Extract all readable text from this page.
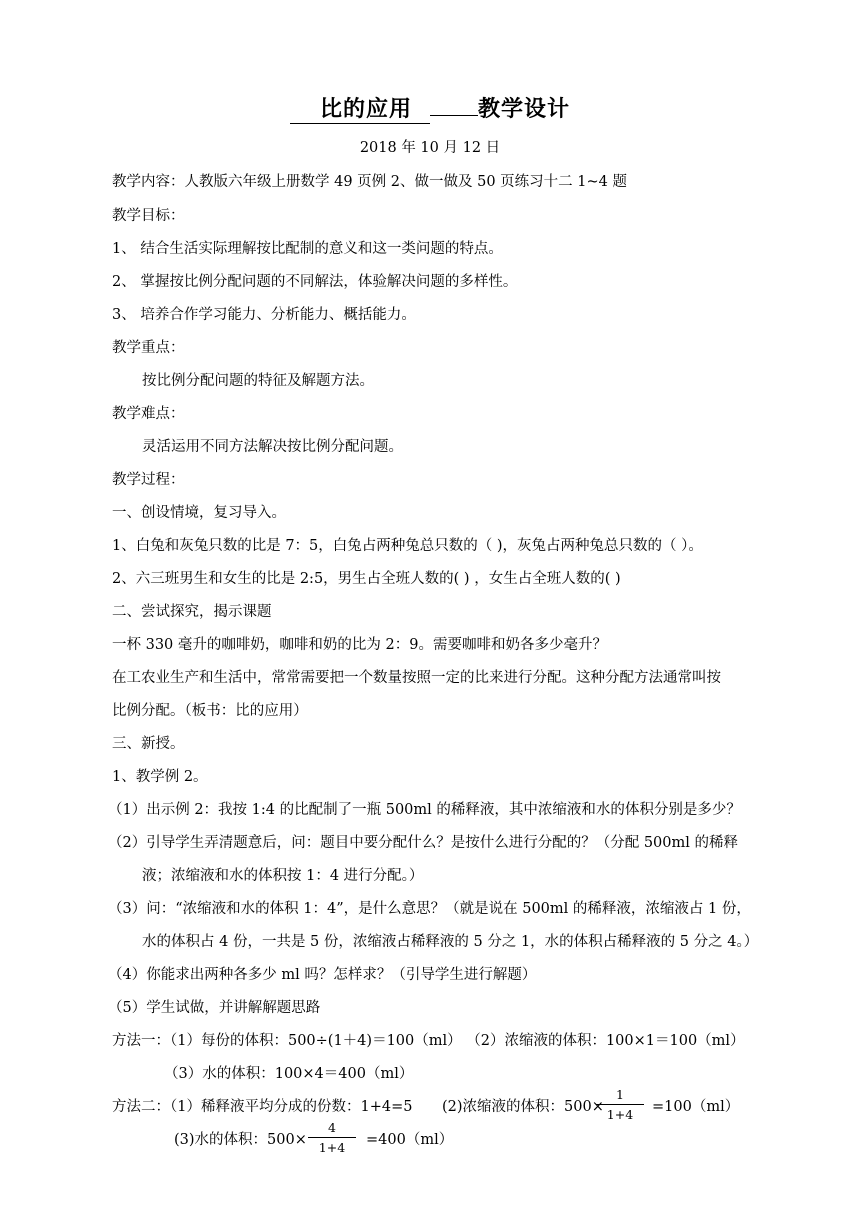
比的应用	教学设计
2018 年 10 月 12 日
教学内容：人教版六年级上册数学 49 页例 2、做一做及 50 页练习十二 1~4 题
教学目标：
1、 结合生活实际理解按比配制的意义和这一类问题的特点。
2、 掌握按比例分配问题的不同解法，体验解决问题的多样性。
3、 培养合作学习能力、分析能力、概括能力。
教学重点：
按比例分配问题的特征及解题方法。
教学难点：
灵活运用不同方法解决按比例分配问题。
教学过程：
一、创设情境，复习导入。
1、白兔和灰兔只数的比是 7：5，白兔占两种兔总只数的（ )，灰兔占两种兔总只数的（ ）。
2、六三班男生和女生的比是 2:5，男生占全班人数的( ) ，女生占全班人数的( )
二、尝试探究，揭示课题
一杯 330 毫升的咖啡奶，咖啡和奶的比为 2：9。需要咖啡和奶各多少毫升？
在工农业生产和生活中，常常需要把一个数量按照一定的比来进行分配。这种分配方法通常叫按
比例分配。（板书：比的应用）
三、新授。
1、教学例 2。
（1）出示例 2：我按 1:4 的比配制了一瓶 500ml 的稀释液，其中浓缩液和水的体积分别是多少？
（2）引导学生弄清题意后，问：题目中要分配什么？是按什么进行分配的？（分配 500ml 的稀释
液；浓缩液和水的体积按 1：4 进行分配。）
（3）问：“浓缩液和水的体积 1：4”，是什么意思？（就是说在 500ml 的稀释液，浓缩液占 1 份，
水的体积占 4 份，一共是 5 份，浓缩液占稀释液的 5 分之 1，水的体积占稀释液的 5 分之 4。）
（4）你能求出两种各多少 ml 吗？怎样求？（引导学生进行解题）
（5）学生试做，并讲解解题思路
方法一：（1）每份的体积：500÷(1＋4)＝100（ml） （2）浓缩液的体积：100×1＝100（ml）
（3）水的体积：100×4＝400（ml）
方法二：（1）稀释液平均分成的份数：1+4=5 (2)浓缩液的体积：500×
1
1+4	=100（ml）
(3)水的体积：500×
4
1+4	=400（ml）
